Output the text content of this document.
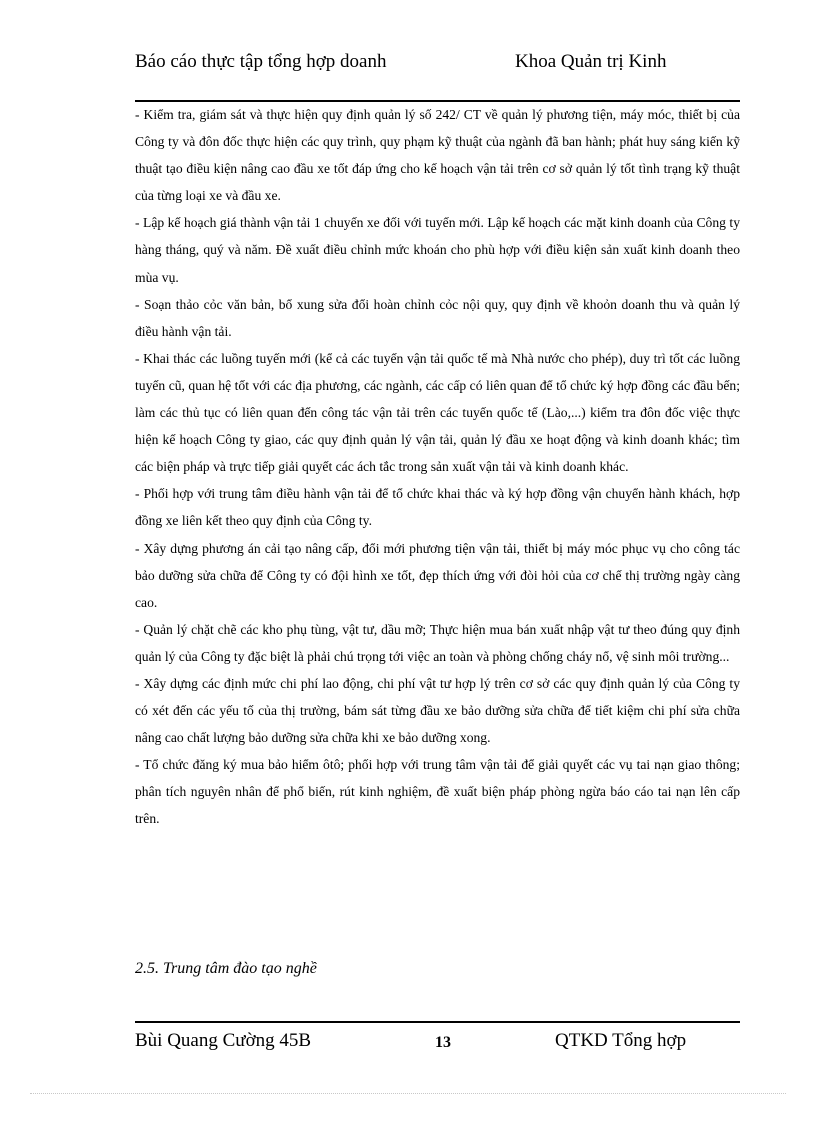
Báo cáo thực tập tổng hợp doanh	Khoa Quản trị Kinh

- Kiểm tra, giám sát và thực hiện quy định quản lý số 242/ CT về quản lý phương tiện, máy móc, thiết bị của Công ty và đôn đốc thực hiện các quy trình, quy phạm kỹ thuật của ngành đã ban hành; phát huy sáng kiến kỹ thuật tạo điều kiện nâng cao đầu xe tốt đáp ứng cho kế hoạch vận tải trên cơ sở quản lý tốt tình trạng kỹ thuật của từng loại xe và đầu xe.

- Lập kế hoạch giá thành vận tải 1 chuyến xe đối với tuyến mới. Lập kế hoạch các mặt kinh doanh của Công ty hàng tháng, quý và năm. Đề xuất điều chỉnh mức khoán cho phù hợp với điều kiện sản xuất kinh doanh theo mùa vụ.

- Soạn thảo cỏc văn bản, bổ xung sửa đổi hoàn chỉnh cỏc nội quy, quy định về khoỏn doanh thu và quản lý điều hành vận tải.

- Khai thác các luồng tuyến mới (kể cả các tuyến vận tải quốc tế mà Nhà nước cho phép), duy trì tốt các luồng tuyến cũ, quan hệ tốt với các địa phương, các ngành, các cấp có liên quan để tổ chức ký hợp đồng các đầu bến; làm các thủ tục có liên quan đến công tác vận tải trên các tuyến quốc tế (Lào,...) kiểm tra đôn đốc việc thực hiện kế hoạch Công ty giao, các quy định quản lý vận tải, quản lý đầu xe hoạt động và kinh doanh khác; tìm các biện pháp và trực tiếp giải quyết các ách tắc trong sản xuất vận tải và kinh doanh khác.

- Phối hợp với trung tâm điều hành vận tải để tổ chức khai thác và ký hợp đồng vận chuyển hành khách, hợp đồng xe liên kết theo quy định của Công ty.

- Xây dựng phương án cải tạo nâng cấp, đổi mới phương tiện vận tải, thiết bị máy móc phục vụ cho công tác bảo dưỡng sửa chữa để Công ty có đội hình xe tốt, đẹp thích ứng với đòi hỏi của cơ chế thị trường ngày càng cao.

- Quản lý chặt chẽ các kho phụ tùng, vật tư, dầu mỡ; Thực hiện mua bán xuất nhập vật tư theo đúng quy định quản lý của Công ty đặc biệt là phải chú trọng tới việc an toàn và phòng chống cháy nổ, vệ sinh môi trường...

- Xây dựng các định mức chi phí lao động, chi phí vật tư hợp lý trên cơ sở các quy định quản lý của Công ty có xét đến các yếu tố của thị trường, bám sát từng đầu xe bảo dưỡng sửa chữa để tiết kiệm chi phí sửa chữa nâng cao chất lượng bảo dưỡng sửa chữa khi xe bảo dưỡng xong.

- Tổ chức đăng ký mua bảo hiểm ôtô; phối hợp với trung tâm vận tải để giải quyết các vụ tai nạn giao thông; phân tích nguyên nhân để phổ biến, rút kinh nghiệm, đề xuất biện pháp phòng ngừa báo cáo tai nạn lên cấp trên.

2.5. Trung tâm đào tạo nghề
Bùi Quang Cường 45B	13	QTKD Tổng hợp
